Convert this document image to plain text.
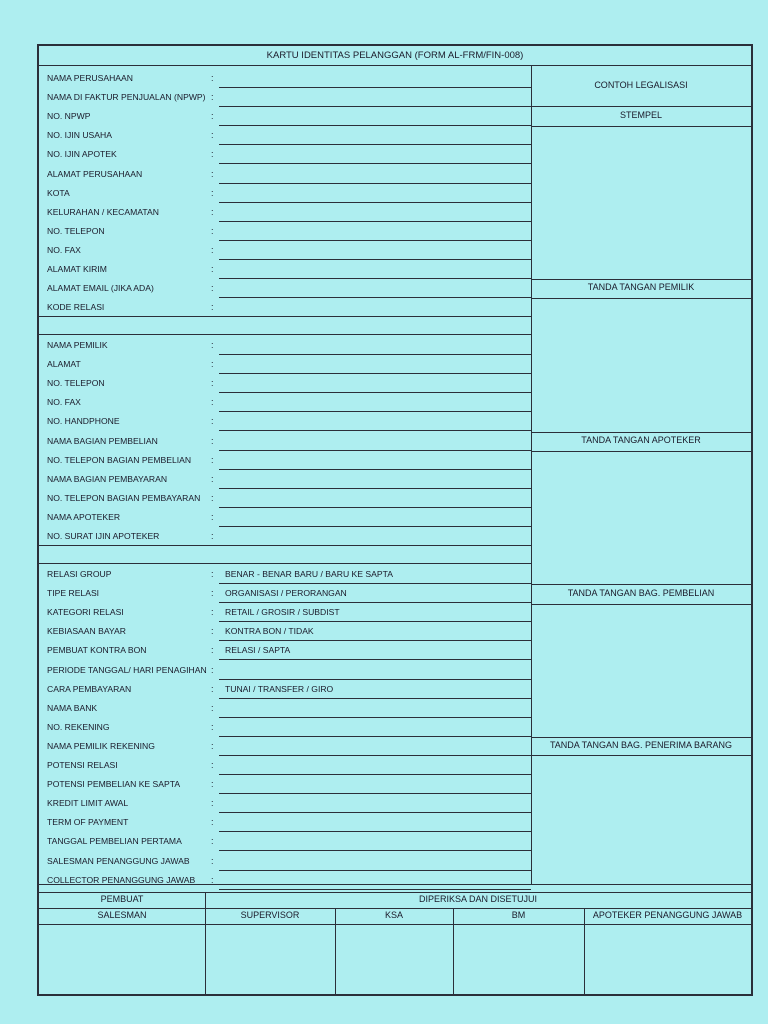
KARTU IDENTITAS PELANGGAN (FORM AL-FRM/FIN-008)
NAMA PERUSAHAAN	:
NAMA DI FAKTUR PENJUALAN (NPWP) :
NO. NPWP	:
NO. IJIN USAHA	:
NO. IJIN APOTEK	:
ALAMAT PERUSAHAAN	:
KOTA	:
KELURAHAN / KECAMATAN	:
NO. TELEPON	:
NO. FAX	:
ALAMAT KIRIM	:
ALAMAT EMAIL (JIKA ADA)	:
KODE RELASI	:
NAMA PEMILIK	:
ALAMAT	:
NO. TELEPON	:
NO. FAX	:
NO. HANDPHONE	:
NAMA BAGIAN PEMBELIAN	:
NO. TELEPON BAGIAN PEMBELIAN :
NAMA BAGIAN PEMBAYARAN	:
NO. TELEPON BAGIAN PEMBAYARAN :
NAMA APOTEKER	:
NO. SURAT IJIN APOTEKER	:
RELASI GROUP	: BENAR - BENAR BARU / BARU KE SAPTA
TIPE RELASI	: ORGANISASI / PERORANGAN
KATEGORI RELASI	: RETAIL / GROSIR / SUBDIST
KEBIASAAN BAYAR	: KONTRA BON / TIDAK
PEMBUAT KONTRA BON	: RELASI / SAPTA
PERIODE TANGGAL/ HARI PENAGIHAN :
CARA PEMBAYARAN	: TUNAI / TRANSFER / GIRO
NAMA BANK	:
NO. REKENING	:
NAMA PEMILIK REKENING	:
POTENSI RELASI	:
POTENSI PEMBELIAN KE SAPTA	:
KREDIT LIMIT AWAL	:
TERM OF PAYMENT	:
TANGGAL PEMBELIAN PERTAMA	:
SALESMAN PENANGGUNG JAWAB :
COLLECTOR PENANGGUNG JAWAB :
CONTOH LEGALISASI
STEMPEL
TANDA TANGAN PEMILIK
TANDA TANGAN APOTEKER
TANDA TANGAN BAG. PEMBELIAN
TANDA TANGAN BAG. PENERIMA BARANG
PEMBUAT	DIPERIKSA DAN DISETUJUI
SALESMAN	SUPERVISOR	KSA	BM	APOTEKER PENANGGUNG JAWAB
